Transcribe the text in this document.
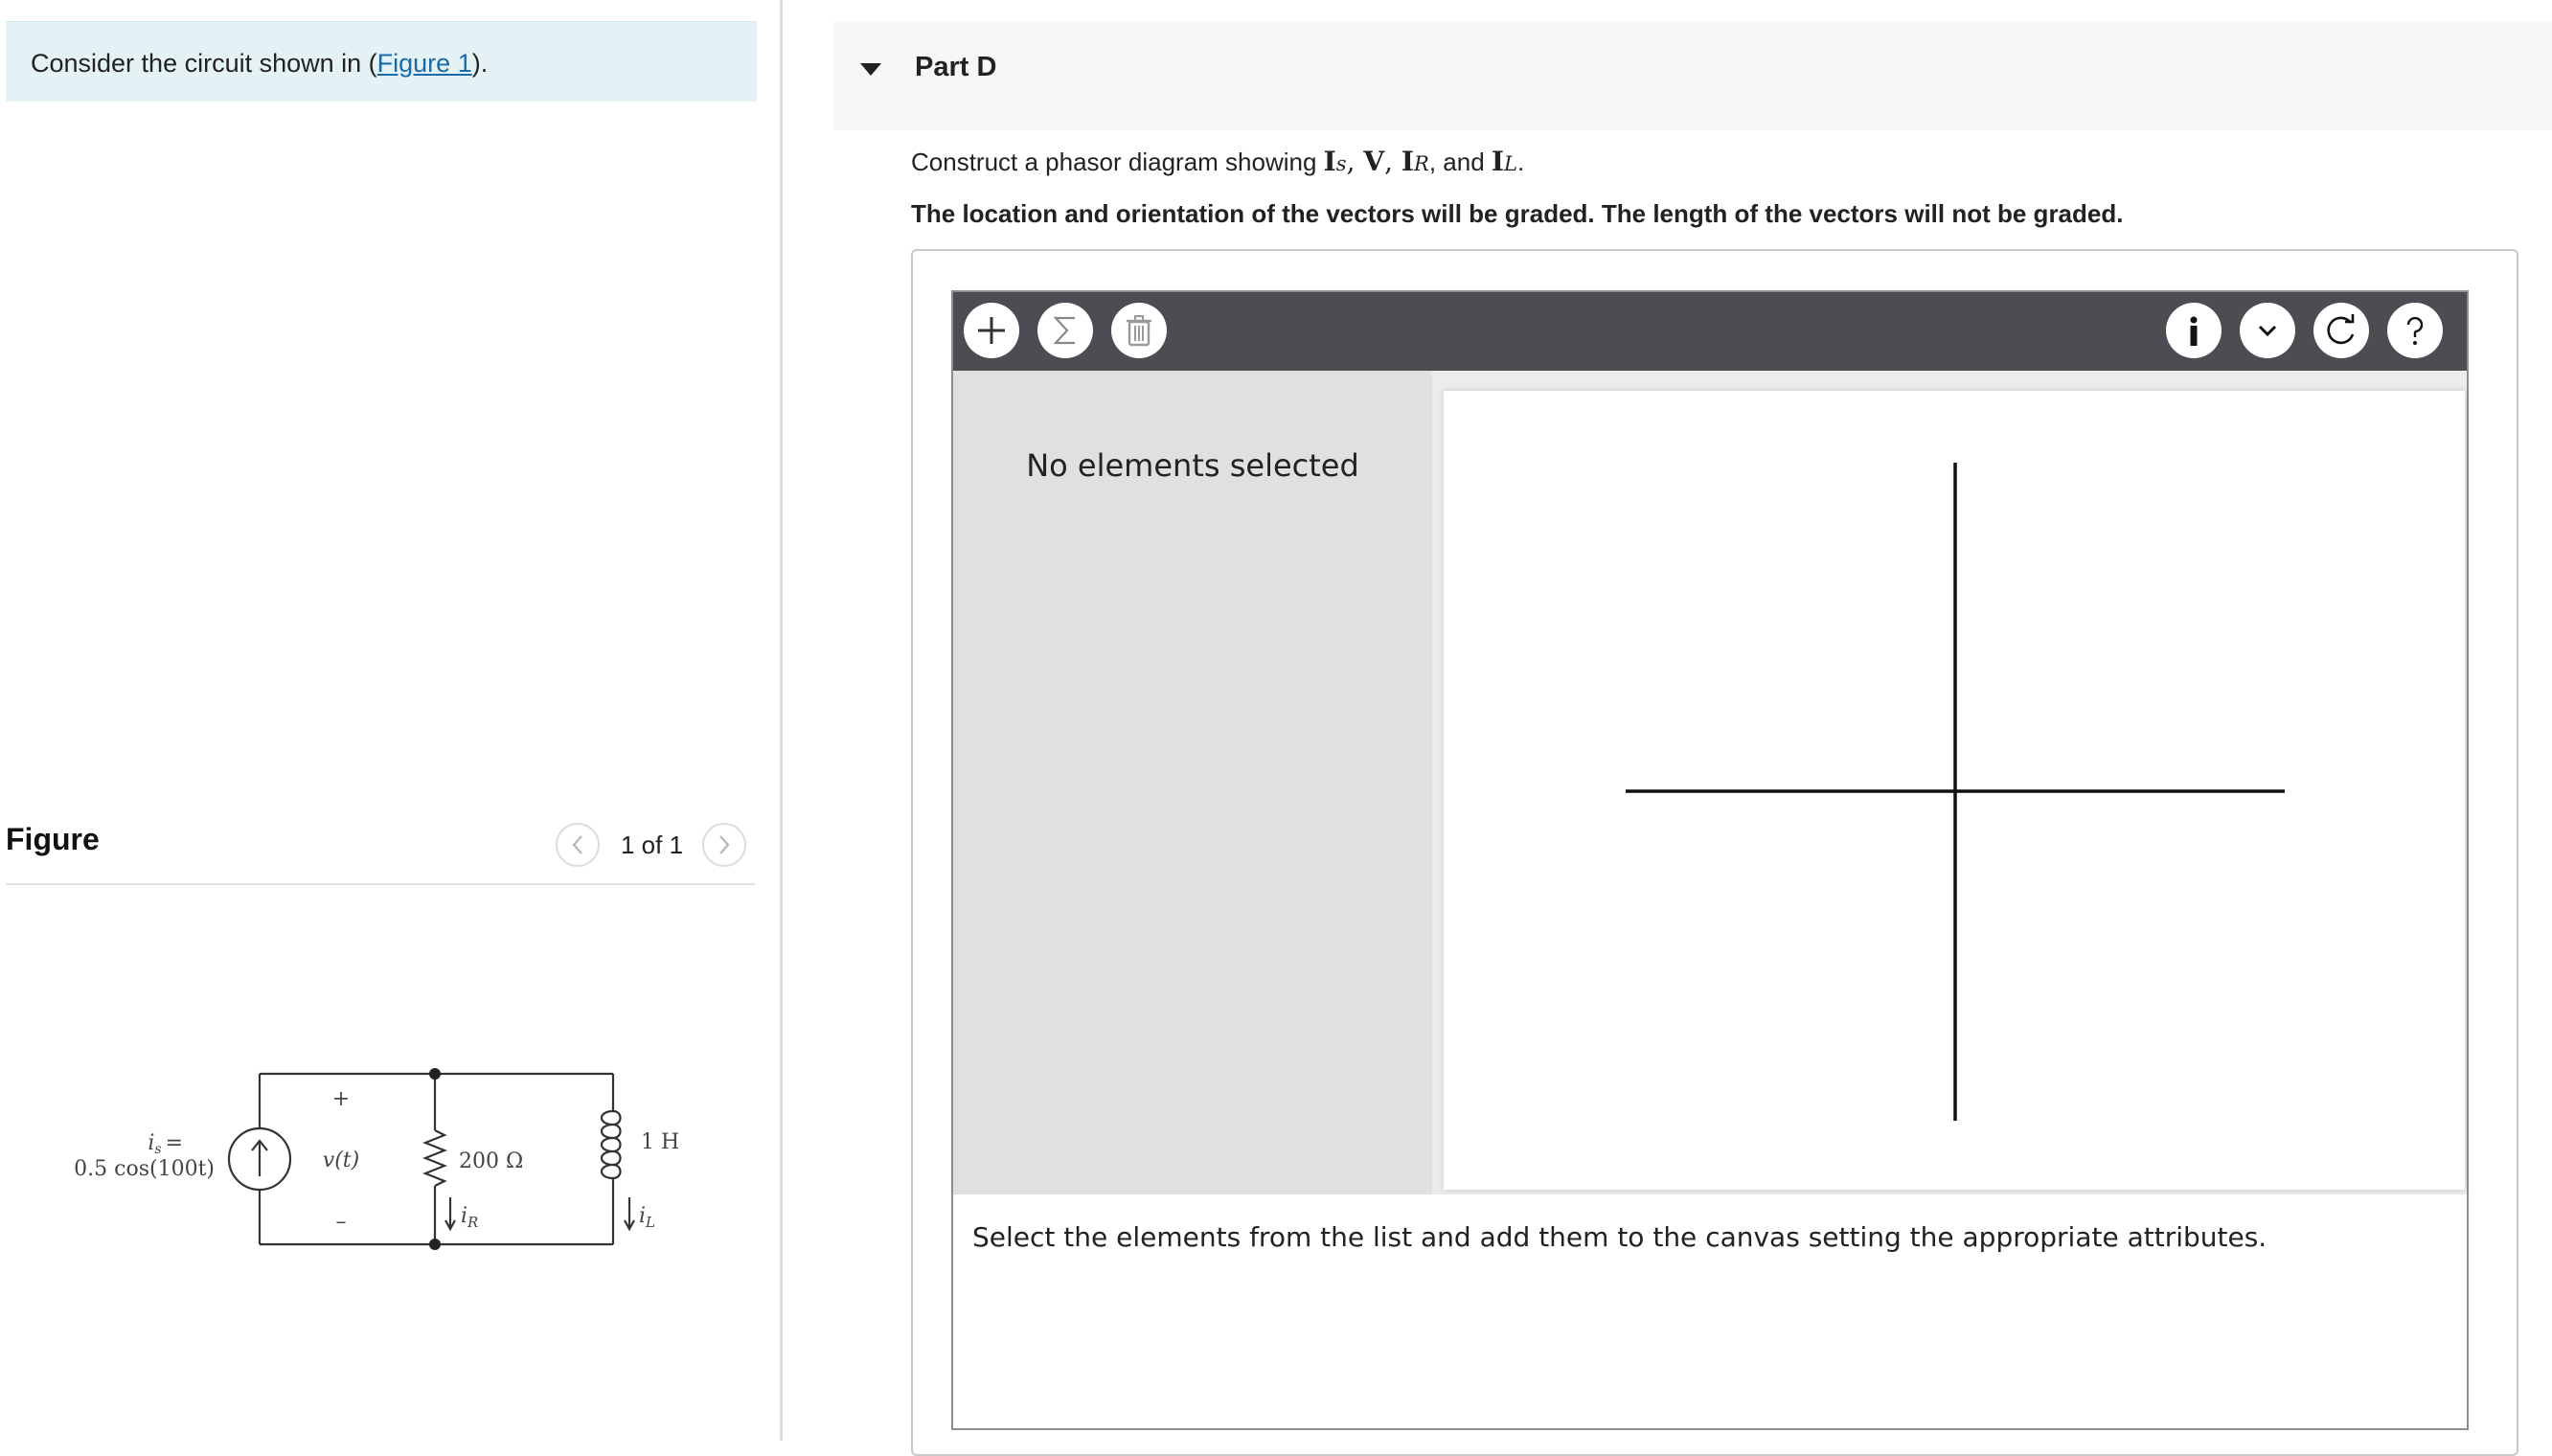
Consider the circuit shown in (Figure 1).
Figure	1 of 1
is =
0.5 cos(100t)
+
–
v(t)	200 Ω
1 H
$i_R$	$i_L$
Part D
Construct a phasor diagram showing Is, V, IR, and IL.
The location and orientation of the vectors will be graded. The length of the vectors will not be graded.
No elements selected
Select the elements from the list and add them to the canvas setting the appropriate attributes.
